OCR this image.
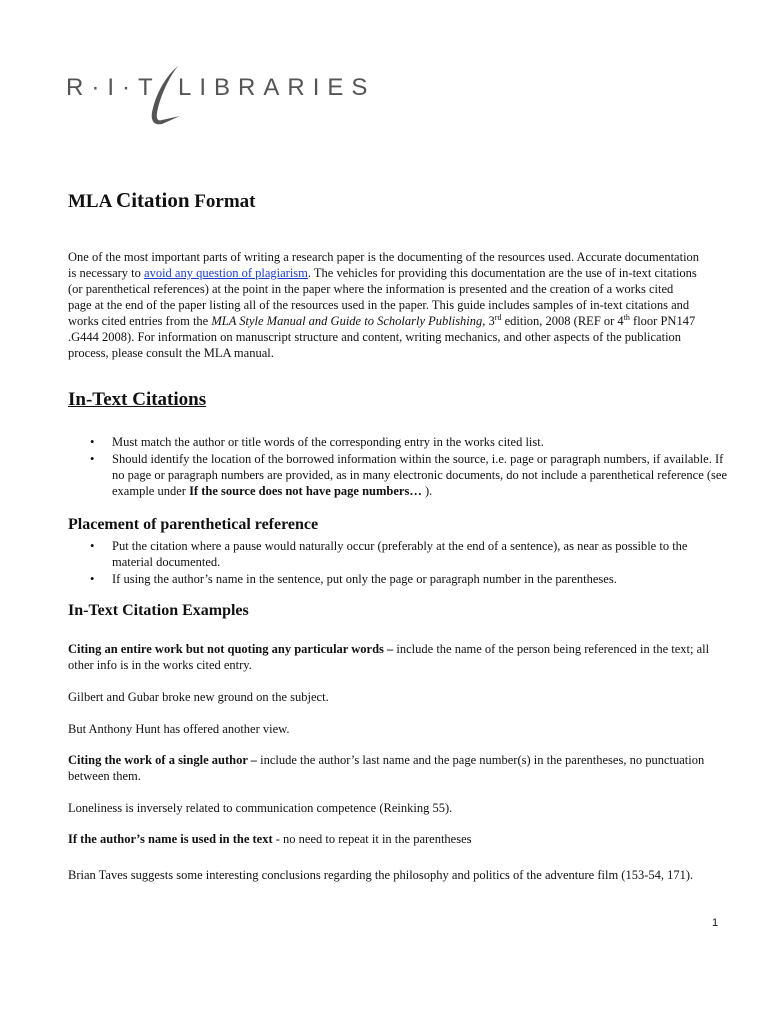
R·I·T LIBRARIES
MLA Citation Format
One of the most important parts of writing a research paper is the documenting of the resources used. Accurate documentation is necessary to avoid any question of plagiarism. The vehicles for providing this documentation are the use of in-text citations (or parenthetical references) at the point in the paper where the information is presented and the creation of a works cited page at the end of the paper listing all of the resources used in the paper. This guide includes samples of in-text citations and works cited entries from the MLA Style Manual and Guide to Scholarly Publishing, 3rd edition, 2008 (REF or 4th floor PN147 .G444 2008). For information on manuscript structure and content, writing mechanics, and other aspects of the publication process, please consult the MLA manual.
In-Text Citations
• Must match the author or title words of the corresponding entry in the works cited list.
• Should identify the location of the borrowed information within the source, i.e. page or paragraph numbers, if available. If no page or paragraph numbers are provided, as in many electronic documents, do not include a parenthetical reference (see example under If the source does not have page numbers… ).
Placement of parenthetical reference
• Put the citation where a pause would naturally occur (preferably at the end of a sentence), as near as possible to the material documented.
• If using the author’s name in the sentence, put only the page or paragraph number in the parentheses.
In-Text Citation Examples

Citing an entire work but not quoting any particular words – include the name of the person being referenced in the text; all other info is in the works cited entry.

Gilbert and Gubar broke new ground on the subject.

But Anthony Hunt has offered another view.

Citing the work of a single author – include the author’s last name and the page number(s) in the parentheses, no punctuation between them.

Loneliness is inversely related to communication competence (Reinking 55).

If the author’s name is used in the text - no need to repeat it in the parentheses

Brian Taves suggests some interesting conclusions regarding the philosophy and politics of the adventure film (153-54, 171).

1
